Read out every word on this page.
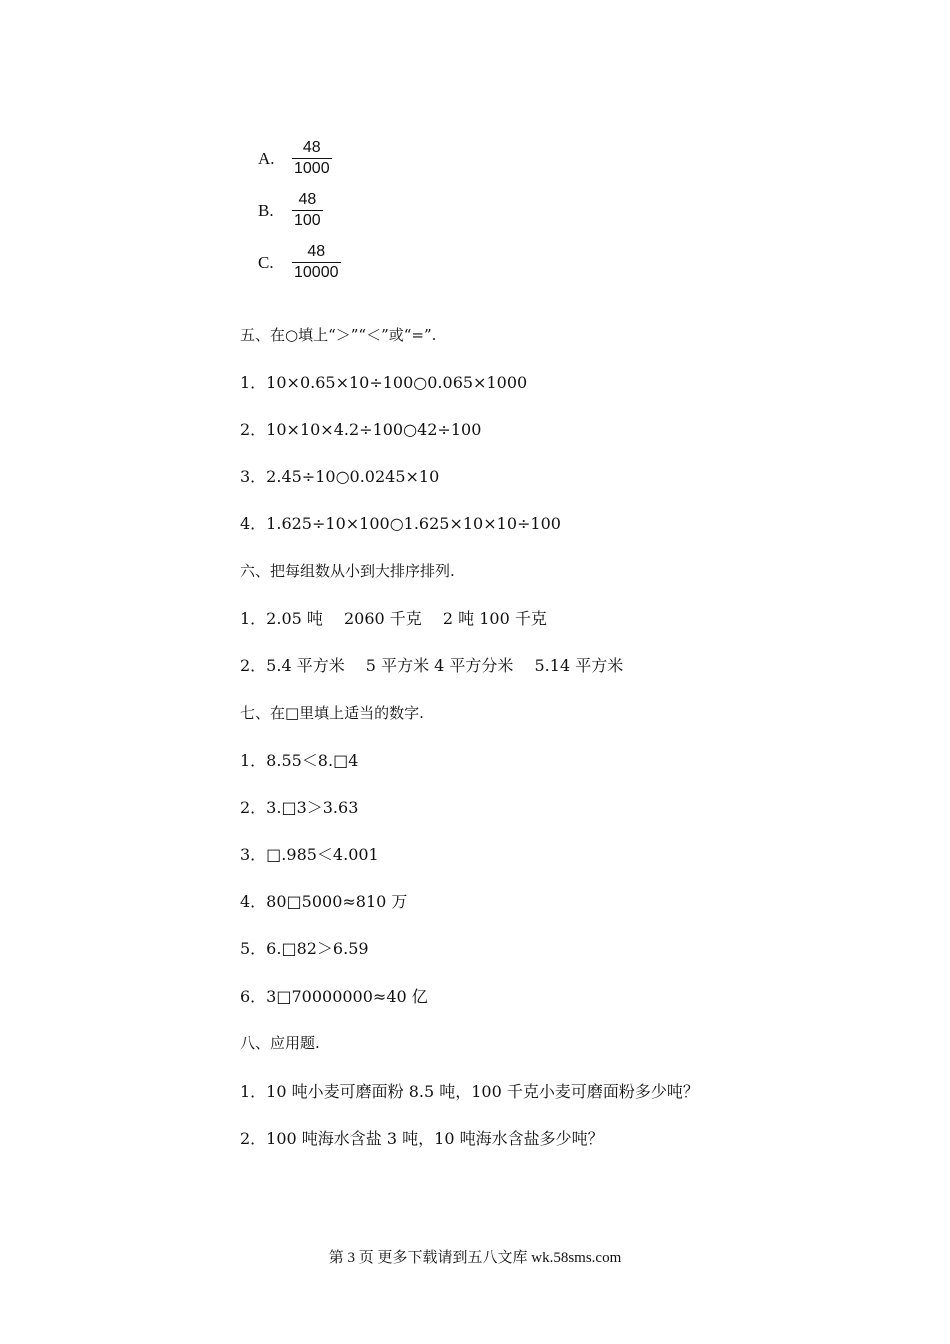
A.	$\frac{48}{1000}$
B.	$\frac{48}{100}$
C.	$\frac{48}{10000}$
五、在○填上“＞”“＜”或“=”.
1．10×0.65×10÷100○0.065×1000
2．10×10×4.2÷100○42÷100
3．2.45÷10○0.0245×10
4．1.625÷10×100○1.625×10×10÷100
六、把每组数从小到大排序排列.
1．2.05 吨　 2060 千克　 2 吨 100 千克
2．5.4 平方米　 5 平方米 4 平方分米　 5.14 平方米
七、在□里填上适当的数字.
1．8.55＜8.□4
2．3.□3＞3.63
3．□.985＜4.001
4．80□5000≈810 万
5．6.□82＞6.59
6．3□70000000≈40 亿
八、应用题.
1．10 吨小麦可磨面粉 8.5 吨，100 千克小麦可磨面粉多少吨？
2．100 吨海水含盐 3 吨，10 吨海水含盐多少吨？
第 3 页 更多下载请到五八文库 wk.58sms.com
